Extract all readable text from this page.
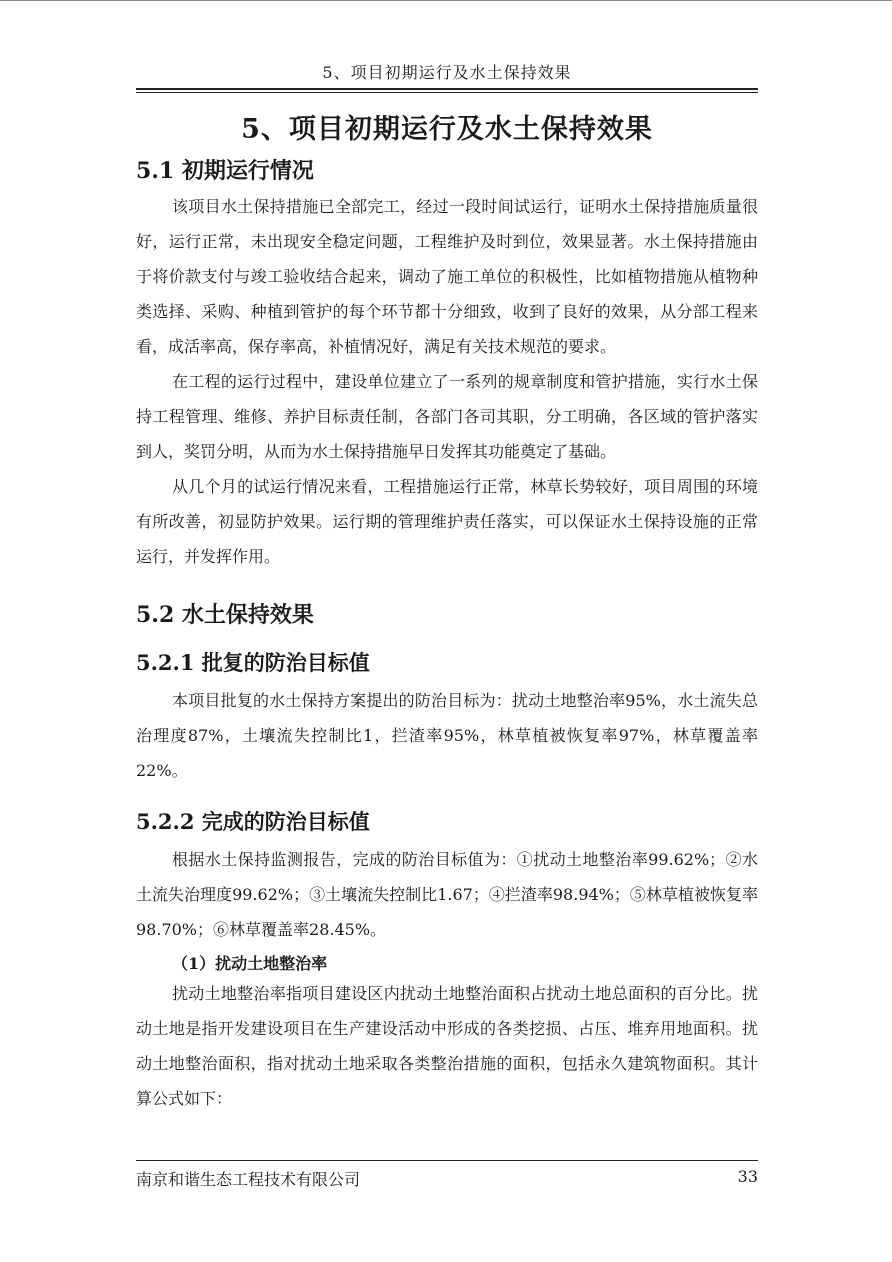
5、项目初期运行及水土保持效果
5、项目初期运行及水土保持效果
5.1 初期运行情况

该项目水土保持措施已全部完工，经过一段时间试运行，证明水土保持措施质量很好，运行正常，未出现安全稳定问题，工程维护及时到位，效果显著。水土保持措施由于将价款支付与竣工验收结合起来，调动了施工单位的积极性，比如植物措施从植物种类选择、采购、种植到管护的每个环节都十分细致，收到了良好的效果，从分部工程来看，成活率高，保存率高，补植情况好，满足有关技术规范的要求。

在工程的运行过程中，建设单位建立了一系列的规章制度和管护措施，实行水土保持工程管理、维修、养护目标责任制，各部门各司其职，分工明确，各区域的管护落实到人，奖罚分明，从而为水土保持措施早日发挥其功能奠定了基础。

从几个月的试运行情况来看，工程措施运行正常，林草长势较好，项目周围的环境有所改善，初显防护效果。运行期的管理维护责任落实，可以保证水土保持设施的正常运行，并发挥作用。

5.2 水土保持效果
5.2.1 批复的防治目标值

本项目批复的水土保持方案提出的防治目标为：扰动土地整治率95%，水土流失总治理度87%，土壤流失控制比1，拦渣率95%，林草植被恢复率97%，林草覆盖率22%。

5.2.2 完成的防治目标值

根据水土保持监测报告，完成的防治目标值为：①扰动土地整治率99.62%；②水土流失治理度99.62%；③土壤流失控制比1.67；④拦渣率98.94%；⑤林草植被恢复率98.70%；⑥林草覆盖率28.45%。

（1）扰动土地整治率

扰动土地整治率指项目建设区内扰动土地整治面积占扰动土地总面积的百分比。扰动土地是指开发建设项目在生产建设活动中形成的各类挖损、占压、堆弃用地面积。扰动土地整治面积，指对扰动土地采取各类整治措施的面积，包括永久建筑物面积。其计算公式如下：

南京和谐生态工程技术有限公司	33
